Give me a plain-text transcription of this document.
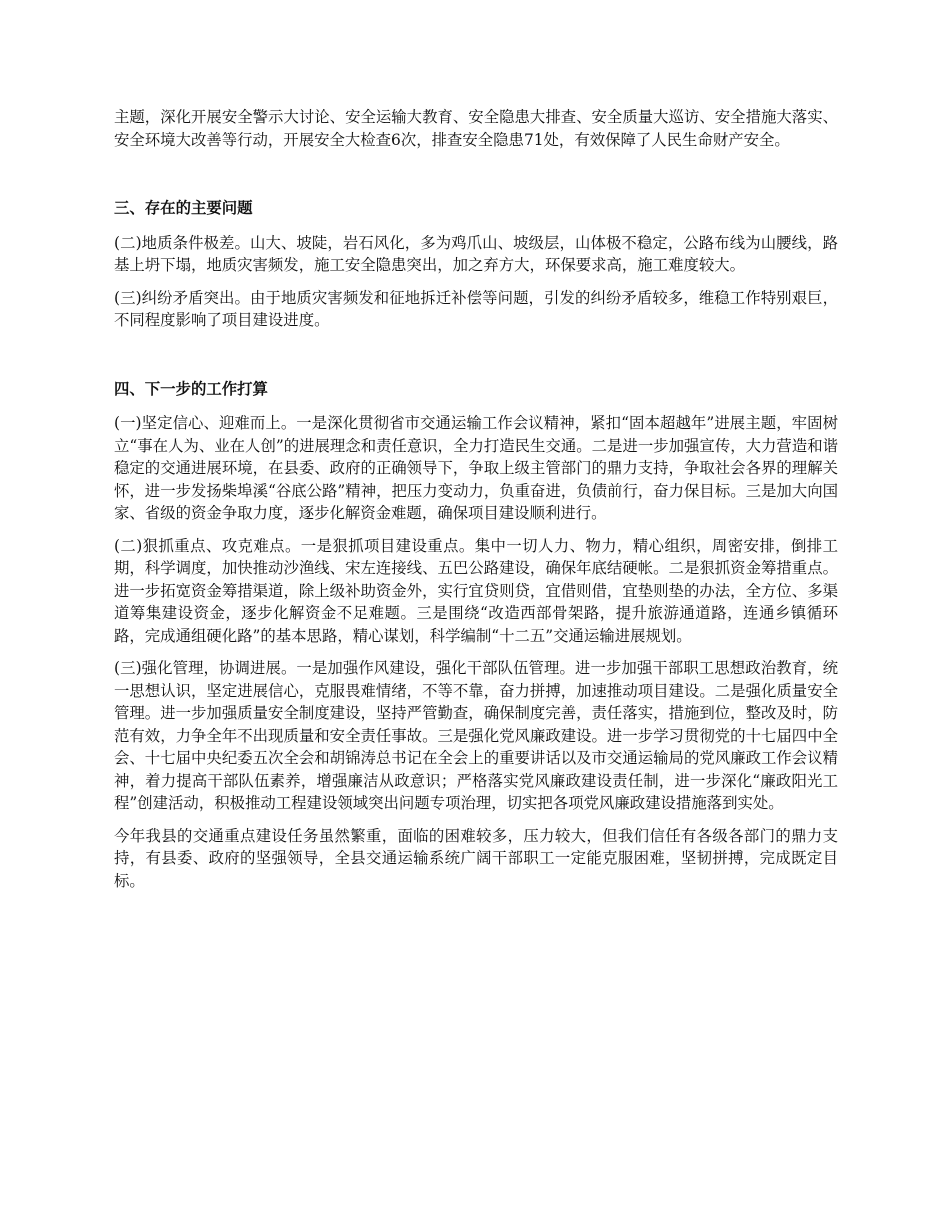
主题，深化开展安全警示大讨论、安全运输大教育、安全隐患大排查、安全质量大巡访、安全措施大落实、安全环境大改善等行动，开展安全大检查6次，排查安全隐患71处，有效保障了人民生命财产安全。

三、存在的主要问题

(二)地质条件极差。山大、坡陡，岩石风化，多为鸡爪山、坡级层，山体极不稳定，公路布线为山腰线，路基上坍下塌，地质灾害频发，施工安全隐患突出，加之弃方大，环保要求高，施工难度较大。

(三)纠纷矛盾突出。由于地质灾害频发和征地拆迁补偿等问题，引发的纠纷矛盾较多，维稳工作特别艰巨，不同程度影响了项目建设进度。

四、下一步的工作打算

(一)坚定信心、迎难而上。一是深化贯彻省市交通运输工作会议精神，紧扣“固本超越年”进展主题，牢固树立“事在人为、业在人创”的进展理念和责任意识，全力打造民生交通。二是进一步加强宣传，大力营造和谐稳定的交通进展环境，在县委、政府的正确领导下，争取上级主管部门的鼎力支持，争取社会各界的理解关怀，进一步发扬柴埠溪“谷底公路”精神，把压力变动力，负重奋进，负债前行，奋力保目标。三是加大向国家、省级的资金争取力度，逐步化解资金难题，确保项目建设顺利进行。

(二)狠抓重点、攻克难点。一是狠抓项目建设重点。集中一切人力、物力，精心组织，周密安排，倒排工期，科学调度，加快推动沙渔线、宋左连接线、五巴公路建设，确保年底结硬帐。二是狠抓资金筹措重点。进一步拓宽资金筹措渠道，除上级补助资金外，实行宜贷则贷，宜借则借，宜垫则垫的办法，全方位、多渠道筹集建设资金，逐步化解资金不足难题。三是围绕“改造西部骨架路，提升旅游通道路，连通乡镇循环路，完成通组硬化路”的基本思路，精心谋划，科学编制“十二五”交通运输进展规划。

(三)强化管理，协调进展。一是加强作风建设，强化干部队伍管理。进一步加强干部职工思想政治教育，统一思想认识，坚定进展信心，克服畏难情绪，不等不靠，奋力拼搏，加速推动项目建设。二是强化质量安全管理。进一步加强质量安全制度建设，坚持严管勤查，确保制度完善，责任落实，措施到位，整改及时，防范有效，力争全年不出现质量和安全责任事故。三是强化党风廉政建设。进一步学习贯彻党的十七届四中全会、十七届中央纪委五次全会和胡锦涛总书记在全会上的重要讲话以及市交通运输局的党风廉政工作会议精神，着力提高干部队伍素养，增强廉洁从政意识；严格落实党风廉政建设责任制，进一步深化“廉政阳光工程”创建活动，积极推动工程建设领域突出问题专项治理，切实把各项党风廉政建设措施落到实处。

今年我县的交通重点建设任务虽然繁重，面临的困难较多，压力较大，但我们信任有各级各部门的鼎力支持，有县委、政府的坚强领导，全县交通运输系统广阔干部职工一定能克服困难，坚韧拼搏，完成既定目标。
